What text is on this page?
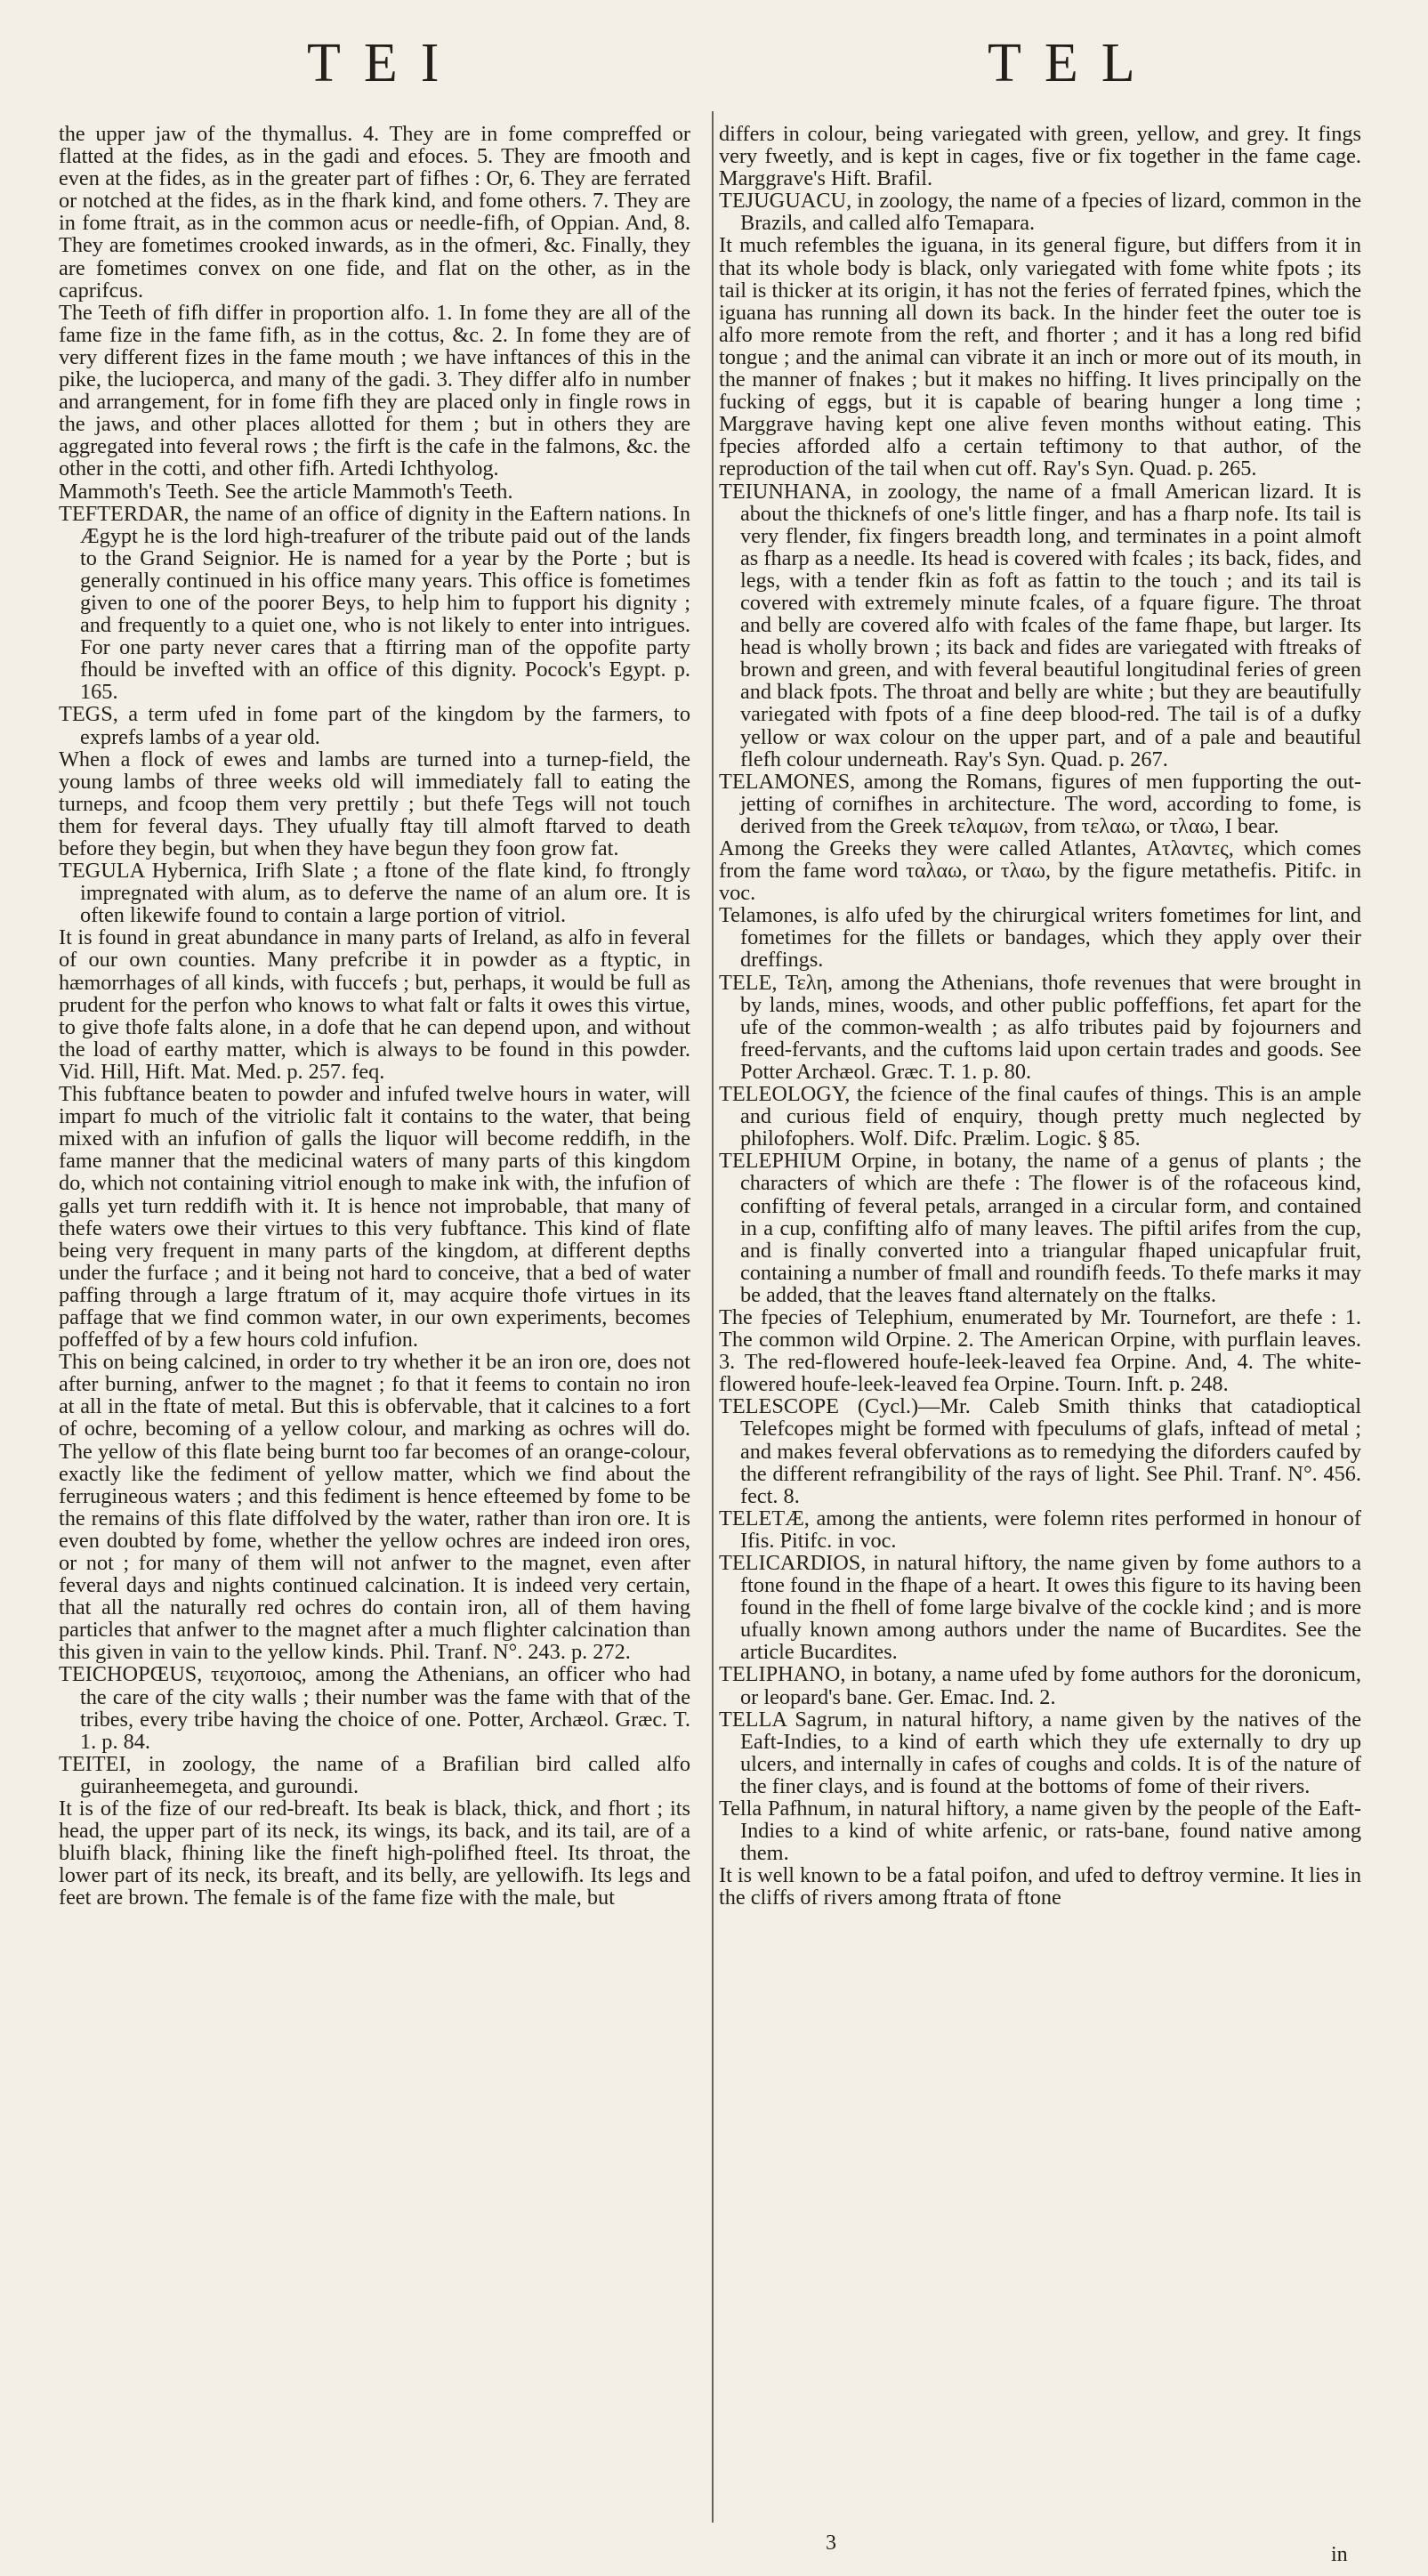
TEI	TEL

the upper jaw of the thymallus. 4. They are in fome compreffed or flatted at the fides, as in the gadi and efoces. 5. They are fmooth and even at the fides, as in the greater part of fifhes : Or, 6. They are ferrated or notched at the fides, as in the fhark kind, and fome others. 7. They are in fome ftrait, as in the common acus or needle-fifh, of Oppian. And, 8. They are fometimes crooked inwards, as in the ofmeri, &c. Finally, they are fometimes convex on one fide, and flat on the other, as in the caprifcus.

The Teeth of fifh differ in proportion alfo. 1. In fome they are all of the fame fize in the fame fifh, as in the cottus, &c. 2. In fome they are of very different fizes in the fame mouth ; we have inftances of this in the pike, the lucioperca, and many of the gadi. 3. They differ alfo in number and arrangement, for in fome fifh they are placed only in fingle rows in the jaws, and other places allotted for them ; but in others they are aggregated into feveral rows ; the firft is the cafe in the falmons, &c. the other in the cotti, and other fifh. Artedi Ichthyolog.

Mammoth's Teeth. See the article Mammoth's Teeth.

TEFTERDAR, the name of an office of dignity in the Eaftern nations. In Ægypt he is the lord high-treafurer of the tribute paid out of the lands to the Grand Seignior. He is named for a year by the Porte ; but is generally continued in his office many years. This office is fometimes given to one of the poorer Beys, to help him to fupport his dignity ; and frequently to a quiet one, who is not likely to enter into intrigues. For one party never cares that a ftirring man of the oppofite party fhould be invefted with an office of this dignity. Pocock's Egypt. p. 165.

TEGS, a term ufed in fome part of the kingdom by the farmers, to exprefs lambs of a year old.

When a flock of ewes and lambs are turned into a turnep-field, the young lambs of three weeks old will immediately fall to eating the turneps, and fcoop them very prettily ; but thefe Tegs will not touch them for feveral days. They ufually ftay till almoft ftarved to death before they begin, but when they have begun they foon grow fat.

TEGULA Hybernica, Irifh Slate ; a ftone of the flate kind, fo ftrongly impregnated with alum, as to deferve the name of an alum ore. It is often likewife found to contain a large portion of vitriol.

It is found in great abundance in many parts of Ireland, as alfo in feveral of our own counties. Many prefcribe it in powder as a ftyptic, in hæmorrhages of all kinds, with fuccefs ; but, perhaps, it would be full as prudent for the perfon who knows to what falt or falts it owes this virtue, to give thofe falts alone, in a dofe that he can depend upon, and without the load of earthy matter, which is always to be found in this powder. Vid. Hill, Hift. Mat. Med. p. 257. feq.

This fubftance beaten to powder and infufed twelve hours in water, will impart fo much of the vitriolic falt it contains to the water, that being mixed with an infufion of galls the liquor will become reddifh, in the fame manner that the medicinal waters of many parts of this kingdom do, which not containing vitriol enough to make ink with, the infufion of galls yet turn reddifh with it. It is hence not improbable, that many of thefe waters owe their virtues to this very fubftance. This kind of flate being very frequent in many parts of the kingdom, at different depths under the furface ; and it being not hard to conceive, that a bed of water paffing through a large ftratum of it, may acquire thofe virtues in its paffage that we find common water, in our own experiments, becomes poffeffed of by a few hours cold infufion.

This on being calcined, in order to try whether it be an iron ore, does not after burning, anfwer to the magnet ; fo that it feems to contain no iron at all in the ftate of metal. But this is obfervable, that it calcines to a fort of ochre, becoming of a yellow colour, and marking as ochres will do. The yellow of this flate being burnt too far becomes of an orange-colour, exactly like the fediment of yellow matter, which we find about the ferrugineous waters ; and this fediment is hence efteemed by fome to be the remains of this flate diffolved by the water, rather than iron ore. It is even doubted by fome, whether the yellow ochres are indeed iron ores, or not ; for many of them will not anfwer to the magnet, even after feveral days and nights continued calcination. It is indeed very certain, that all the naturally red ochres do contain iron, all of them having particles that anfwer to the magnet after a much flighter calcination than this given in vain to the yellow kinds. Phil. Tranf. N°. 243. p. 272.

TEICHOPŒUS, τειχοποιος, among the Athenians, an officer who had the care of the city walls ; their number was the fame with that of the tribes, every tribe having the choice of one. Potter, Archæol. Græc. T. 1. p. 84.

TEITEI, in zoology, the name of a Brafilian bird called alfo guiranheemegeta, and guroundi.

It is of the fize of our red-breaft. Its beak is black, thick, and fhort ; its head, the upper part of its neck, its wings, its back, and its tail, are of a bluifh black, fhining like the fineft high-polifhed fteel. Its throat, the lower part of its neck, its breaft, and its belly, are yellowifh. Its legs and feet are brown. The female is of the fame fize with the male, but

differs in colour, being variegated with green, yellow, and grey. It fings very fweetly, and is kept in cages, five or fix together in the fame cage. Marggrave's Hift. Brafil.

TEJUGUACU, in zoology, the name of a fpecies of lizard, common in the Brazils, and called alfo Temapara.

It much refembles the iguana, in its general figure, but differs from it in that its whole body is black, only variegated with fome white fpots ; its tail is thicker at its origin, it has not the feries of ferrated fpines, which the iguana has running all down its back. In the hinder feet the outer toe is alfo more remote from the reft, and fhorter ; and it has a long red bifid tongue ; and the animal can vibrate it an inch or more out of its mouth, in the manner of fnakes ; but it makes no hiffing. It lives principally on the fucking of eggs, but it is capable of bearing hunger a long time ; Marggrave having kept one alive feven months without eating. This fpecies afforded alfo a certain teftimony to that author, of the reproduction of the tail when cut off. Ray's Syn. Quad. p. 265.

TEIUNHANA, in zoology, the name of a fmall American lizard. It is about the thicknefs of one's little finger, and has a fharp nofe. Its tail is very flender, fix fingers breadth long, and terminates in a point almoft as fharp as a needle. Its head is covered with fcales ; its back, fides, and legs, with a tender fkin as foft as fattin to the touch ; and its tail is covered with extremely minute fcales, of a fquare figure. The throat and belly are covered alfo with fcales of the fame fhape, but larger. Its head is wholly brown ; its back and fides are variegated with ftreaks of brown and green, and with feveral beautiful longitudinal feries of green and black fpots. The throat and belly are white ; but they are beautifully variegated with fpots of a fine deep blood-red. The tail is of a dufky yellow or wax colour on the upper part, and of a pale and beautiful flefh colour underneath. Ray's Syn. Quad. p. 267.

TELAMONES, among the Romans, figures of men fupporting the out-jetting of cornifhes in architecture. The word, according to fome, is derived from the Greek τελαμων, from τελαω, or τλαω, I bear.

Among the Greeks they were called Atlantes, Ατλαντες, which comes from the fame word ταλαω, or τλαω, by the figure metathefis. Pitifc. in voc.

Telamones, is alfo ufed by the chirurgical writers fometimes for lint, and fometimes for the fillets or bandages, which they apply over their dreffings.

TELE, Τελη, among the Athenians, thofe revenues that were brought in by lands, mines, woods, and other public poffeffions, fet apart for the ufe of the common-wealth ; as alfo tributes paid by fojourners and freed-fervants, and the cuftoms laid upon certain trades and goods. See Potter Archæol. Græc. T. 1. p. 80.

TELEOLOGY, the fcience of the final caufes of things. This is an ample and curious field of enquiry, though pretty much neglected by philofophers. Wolf. Difc. Prælim. Logic. § 85.

TELEPHIUM Orpine, in botany, the name of a genus of plants ; the characters of which are thefe : The flower is of the rofaceous kind, confifting of feveral petals, arranged in a circular form, and contained in a cup, confifting alfo of many leaves. The piftil arifes from the cup, and is finally converted into a triangular fhaped unicapfular fruit, containing a number of fmall and roundifh feeds. To thefe marks it may be added, that the leaves ftand alternately on the ftalks.

The fpecies of Telephium, enumerated by Mr. Tournefort, are thefe : 1. The common wild Orpine. 2. The American Orpine, with purflain leaves. 3. The red-flowered houfe-leek-leaved fea Orpine. And, 4. The white-flowered houfe-leek-leaved fea Orpine. Tourn. Inft. p. 248.

TELESCOPE (Cycl.)—Mr. Caleb Smith thinks that catadioptical Telefcopes might be formed with fpeculums of glafs, inftead of metal ; and makes feveral obfervations as to remedying the diforders caufed by the different refrangibility of the rays of light. See Phil. Tranf. N°. 456. fect. 8.

TELETÆ, among the antients, were folemn rites performed in honour of Ifis. Pitifc. in voc.

TELICARDIOS, in natural hiftory, the name given by fome authors to a ftone found in the fhape of a heart. It owes this figure to its having been found in the fhell of fome large bivalve of the cockle kind ; and is more ufually known among authors under the name of Bucardites. See the article Bucardites.

TELIPHANO, in botany, a name ufed by fome authors for the doronicum, or leopard's bane. Ger. Emac. Ind. 2.

TELLA Sagrum, in natural hiftory, a name given by the natives of the Eaft-Indies, to a kind of earth which they ufe externally to dry up ulcers, and internally in cafes of coughs and colds. It is of the nature of the finer clays, and is found at the bottoms of fome of their rivers.

Tella Pafhnum, in natural hiftory, a name given by the people of the Eaft-Indies to a kind of white arfenic, or rats-bane, found native among them.

It is well known to be a fatal poifon, and ufed to deftroy vermine. It lies in the cliffs of rivers among ftrata of ftone

3	in
